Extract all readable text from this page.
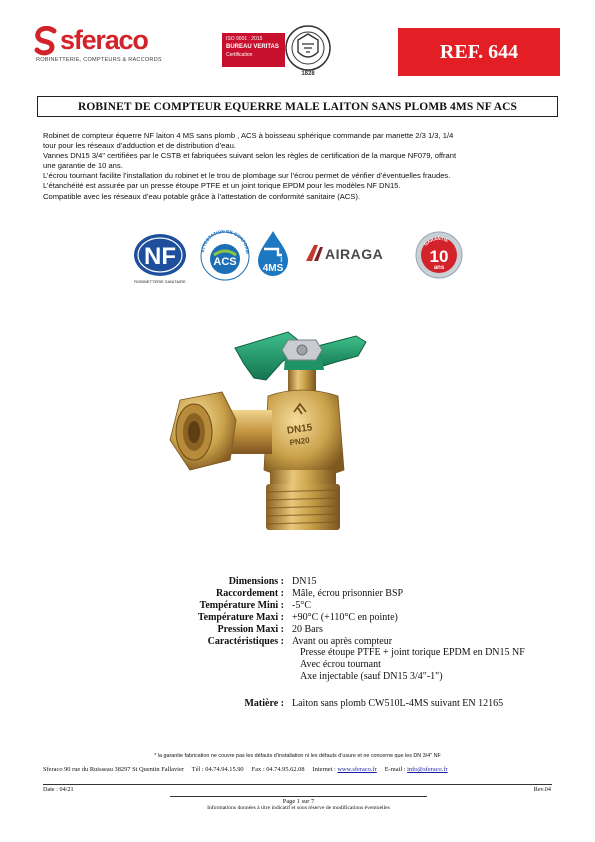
sferaco
ROBINETTERIE, COMPTEURS & RACCORDS
ISO 9001 : 2015
BUREAU VERITAS
Certification
1828
REF. 644
ROBINET DE COMPTEUR EQUERRE MALE LAITON SANS PLOMB 4MS NF ACS

Robinet de compteur équerre NF laiton 4 MS sans plomb , ACS à boisseau sphérique commande par manette 2/3 1/3, 1/4

tour pour les réseaux d’adduction et de distribution d’eau.

Vannes DN15 3/4" certifiées par le CSTB et fabriquées suivant selon les règles de certification de la marque NF079, offrant

une garantie de 10 ans.

L’écrou tournant facilite l’installation du robinet et le trou de plombage sur l’écrou permet de vérifier d’éventuelles fraudes.

L’étanchéité est assurée par un presse étoupe PTFE et un joint torique EPDM pour les modèles NF DN15.

Compatible avec les réseaux d’eau potable grâce à l’attestation de conformité sanitaire (ACS).

NF
ROBINETTERIE SANITAIRE
ATTESTATION DE CONFORM
ACS
4MS
AIRAGA
GARANTIE
10
ans
DN15
PN20
Dimensions : DN15
Raccordement : Mâle, écrou prisonnier BSP
Température Mini : -5°C
Température Maxi : +90°C (+110°C en pointe)
Pression Maxi : 20 Bars
Caractéristiques : Avant ou après compteur
Presse étoupe PTFE + joint torique EPDM en DN15 NF
Avec écrou tournant
Axe injectable (sauf DN15 3/4"-1")
Matière : Laiton sans plomb CW510L-4MS suivant EN 12165
* la garantie fabrication ne couvre pas les défauts d’installation ni les défauts d’usure et ne concerne que les DN 3/4" NF
Sferaco 90 rue du Ruisseau 38297 St Quentin Fallavier Tél : 04.74.94.15.90 Fax : 04.74.95.62.08 Internet : www.sferaco.fr E-mail : info@sferaco.fr
Date : 04/21	Rev.04
Page 1 sur 7
Informations données à titre indicatif et sous réserve de modifications éventuelles
